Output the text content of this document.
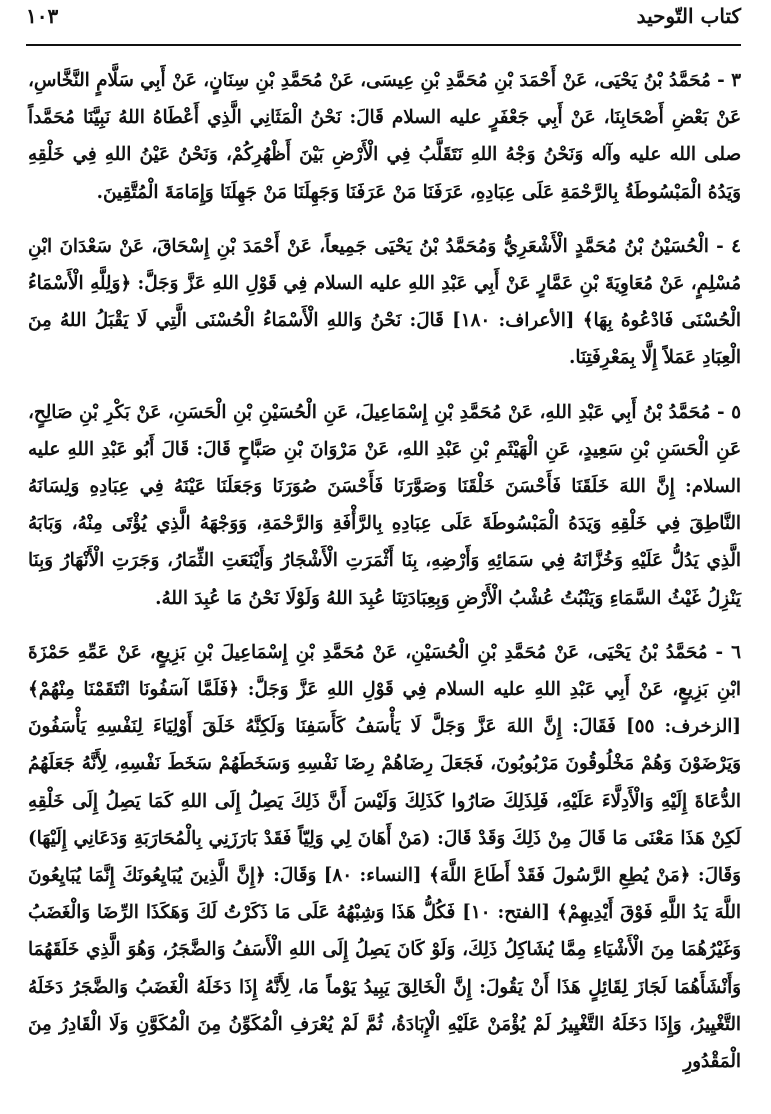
١٠٣	كتاب التّوحيد

٣ - مُحَمَّدُ بْنُ يَحْيَى، عَنْ أَحْمَدَ بْنِ مُحَمَّدِ بْنِ عِيسَى، عَنْ مُحَمَّدِ بْنِ سِنَانٍ، عَنْ أَبِي سَلَّامٍ النَّخَّاسِ، عَنْ بَعْضِ أَصْحَابِنَا، عَنْ أَبِي جَعْفَرٍ عليه السلام قَالَ: نَحْنُ الْمَثَانِي الَّذِي أَعْطَاهُ اللهُ نَبِيَّنَا مُحَمَّداً صلى الله عليه وآله وَنَحْنُ وَجْهُ اللهِ نَتَقَلَّبُ فِي الْأَرْضِ بَيْنَ أَظْهُرِكُمْ، وَنَحْنُ عَيْنُ اللهِ فِي خَلْقِهِ وَيَدُهُ الْمَبْسُوطَةُ بِالرَّحْمَةِ عَلَى عِبَادِهِ، عَرَفَنَا مَنْ عَرَفَنَا وَجَهِلَنَا مَنْ جَهِلَنَا وَإِمَامَةَ الْمُتَّقِينَ.

٤ - الْحُسَيْنُ بْنُ مُحَمَّدٍ الْأَشْعَرِيُّ وَمُحَمَّدُ بْنُ يَحْيَى جَمِيعاً، عَنْ أَحْمَدَ بْنِ إِسْحَاقَ، عَنْ سَعْدَانَ ابْنِ مُسْلِمٍ، عَنْ مُعَاوِيَةَ بْنِ عَمَّارٍ عَنْ أَبِي عَبْدِ اللهِ عليه السلام فِي قَوْلِ اللهِ عَزَّ وَجَلَّ: ﴿وَلِلَّهِ الْأَسْمَاءُ الْحُسْنَى فَادْعُوهُ بِهَا﴾ [الأعراف: ١٨٠] قَالَ: نَحْنُ وَاللهِ الْأَسْمَاءُ الْحُسْنَى الَّتِي لَا يَقْبَلُ اللهُ مِنَ الْعِبَادِ عَمَلاً إِلَّا بِمَعْرِفَتِنَا.

٥ - مُحَمَّدُ بْنُ أَبِي عَبْدِ اللهِ، عَنْ مُحَمَّدِ بْنِ إِسْمَاعِيلَ، عَنِ الْحُسَيْنِ بْنِ الْحَسَنِ، عَنْ بَكْرِ بْنِ صَالِحٍ، عَنِ الْحَسَنِ بْنِ سَعِيدٍ، عَنِ الْهَيْثَمِ بْنِ عَبْدِ اللهِ، عَنْ مَرْوَانَ بْنِ صَبَّاحٍ قَالَ: قَالَ أَبُو عَبْدِ اللهِ عليه السلام: إِنَّ اللهَ خَلَقَنَا فَأَحْسَنَ خَلْقَنَا وَصَوَّرَنَا فَأَحْسَنَ صُوَرَنَا وَجَعَلَنَا عَيْنَهُ فِي عِبَادِهِ وَلِسَانَهُ النَّاطِقَ فِي خَلْقِهِ وَيَدَهُ الْمَبْسُوطَةَ عَلَى عِبَادِهِ بِالرَّأْفَةِ وَالرَّحْمَةِ، وَوَجْهَهُ الَّذِي يُؤْتَى مِنْهُ، وَبَابَهُ الَّذِي يَدُلُّ عَلَيْهِ وَخُزَّانَهُ فِي سَمَائِهِ وَأَرْضِهِ، بِنَا أَثْمَرَتِ الْأَشْجَارُ وَأَيْنَعَتِ الثِّمَارُ، وَجَرَتِ الْأَنْهَارُ وَبِنَا يَنْزِلُ غَيْثُ السَّمَاءِ وَيَنْبُتُ عُشْبُ الْأَرْضِ وَبِعِبَادَتِنَا عُبِدَ اللهُ وَلَوْلَا نَحْنُ مَا عُبِدَ اللهُ.

٦ - مُحَمَّدُ بْنُ يَحْيَى، عَنْ مُحَمَّدِ بْنِ الْحُسَيْنِ، عَنْ مُحَمَّدِ بْنِ إِسْمَاعِيلَ بْنِ بَزِيعٍ، عَنْ عَمِّهِ حَمْزَةَ ابْنِ بَزِيعٍ، عَنْ أَبِي عَبْدِ اللهِ عليه السلام فِي قَوْلِ اللهِ عَزَّ وَجَلَّ: ﴿فَلَمَّا آسَفُونَا انْتَقَمْنَا مِنْهُمْ﴾ [الزخرف: ٥٥] فَقَالَ: إِنَّ اللهَ عَزَّ وَجَلَّ لَا يَأْسَفُ كَأَسَفِنَا وَلَكِنَّهُ خَلَقَ أَوْلِيَاءَ لِنَفْسِهِ يَأْسَفُونَ وَيَرْضَوْنَ وَهُمْ مَخْلُوقُونَ مَرْبُوبُونَ، فَجَعَلَ رِضَاهُمْ رِضَا نَفْسِهِ وَسَخَطَهُمْ سَخَطَ نَفْسِهِ، لِأَنَّهُ جَعَلَهُمُ الدُّعَاةَ إِلَيْهِ وَالْأَدِلَّاءَ عَلَيْهِ، فَلِذَلِكَ صَارُوا كَذَلِكَ وَلَيْسَ أَنَّ ذَلِكَ يَصِلُ إِلَى اللهِ كَمَا يَصِلُ إِلَى خَلْقِهِ لَكِنْ هَذَا مَعْنَى مَا قَالَ مِنْ ذَلِكَ وَقَدْ قَالَ: (مَنْ أَهَانَ لِي وَلِيّاً فَقَدْ بَارَزَنِي بِالْمُحَارَبَةِ وَدَعَانِي إِلَيْهَا) وَقَالَ: ﴿مَنْ يُطِعِ الرَّسُولَ فَقَدْ أَطَاعَ اللَّهَ﴾ [النساء: ٨٠] وَقَالَ: ﴿إِنَّ الَّذِينَ يُبَايِعُونَكَ إِنَّمَا يُبَايِعُونَ اللَّهَ يَدُ اللَّهِ فَوْقَ أَيْدِيهِمْ﴾ [الفتح: ١٠] فَكُلُّ هَذَا وَشِبْهُهُ عَلَى مَا ذَكَرْتُ لَكَ وَهَكَذَا الرِّضَا وَالْغَضَبُ وَغَيْرُهُمَا مِنَ الْأَشْيَاءِ مِمَّا يُشَاكِلُ ذَلِكَ، وَلَوْ كَانَ يَصِلُ إِلَى اللهِ الْأَسَفُ وَالضَّجَرُ، وَهُوَ الَّذِي خَلَقَهُمَا وَأَنْشَأَهُمَا لَجَازَ لِقَائِلٍ هَذَا أَنْ يَقُولَ: إِنَّ الْخَالِقَ يَبِيدُ يَوْماً مَا، لِأَنَّهُ إِذَا دَخَلَهُ الْغَضَبُ وَالضَّجَرُ دَخَلَهُ التَّغْيِيرُ، وَإِذَا دَخَلَهُ التَّغْيِيرُ لَمْ يُؤْمَنْ عَلَيْهِ الْإِبَادَةُ، ثُمَّ لَمْ يُعْرَفِ الْمُكَوِّنُ مِنَ الْمُكَوَّنِ وَلَا الْقَادِرُ مِنَ الْمَقْدُورِ
